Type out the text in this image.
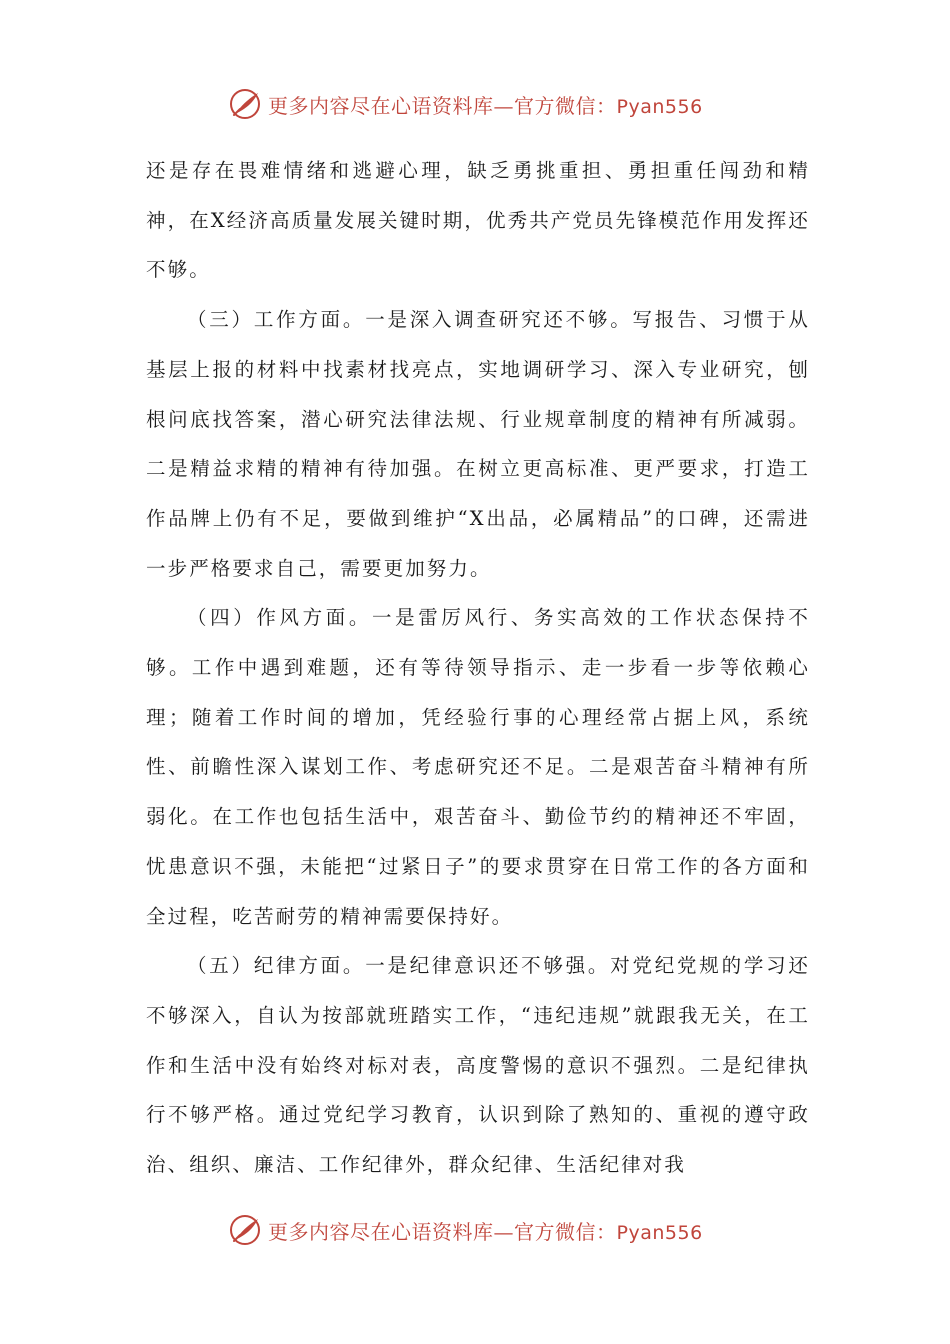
更多内容尽在心语资料库—官方微信：Pyan556

还是存在畏难情绪和逃避心理，缺乏勇挑重担、勇担重任闯劲和精神，在X经济高质量发展关键时期，优秀共产党员先锋模范作用发挥还不够。

（三）工作方面。一是深入调查研究还不够。写报告、习惯于从基层上报的材料中找素材找亮点，实地调研学习、深入专业研究，刨根问底找答案，潜心研究法律法规、行业规章制度的精神有所减弱。二是精益求精的精神有待加强。在树立更高标准、更严要求，打造工作品牌上仍有不足，要做到维护“X出品，必属精品”的口碑，还需进一步严格要求自己，需要更加努力。

（四）作风方面。一是雷厉风行、务实高效的工作状态保持不够。工作中遇到难题，还有等待领导指示、走一步看一步等依赖心理；随着工作时间的增加，凭经验行事的心理经常占据上风，系统性、前瞻性深入谋划工作、考虑研究还不足。二是艰苦奋斗精神有所弱化。在工作也包括生活中，艰苦奋斗、勤俭节约的精神还不牢固，忧患意识不强，未能把“过紧日子”的要求贯穿在日常工作的各方面和全过程，吃苦耐劳的精神需要保持好。

（五）纪律方面。一是纪律意识还不够强。对党纪党规的学习还不够深入，自认为按部就班踏实工作，“违纪违规”就跟我无关，在工作和生活中没有始终对标对表，高度警惕的意识不强烈。二是纪律执行不够严格。通过党纪学习教育，认识到除了熟知的、重视的遵守政治、组织、廉洁、工作纪律外，群众纪律、生活纪律对我

更多内容尽在心语资料库—官方微信：Pyan556
